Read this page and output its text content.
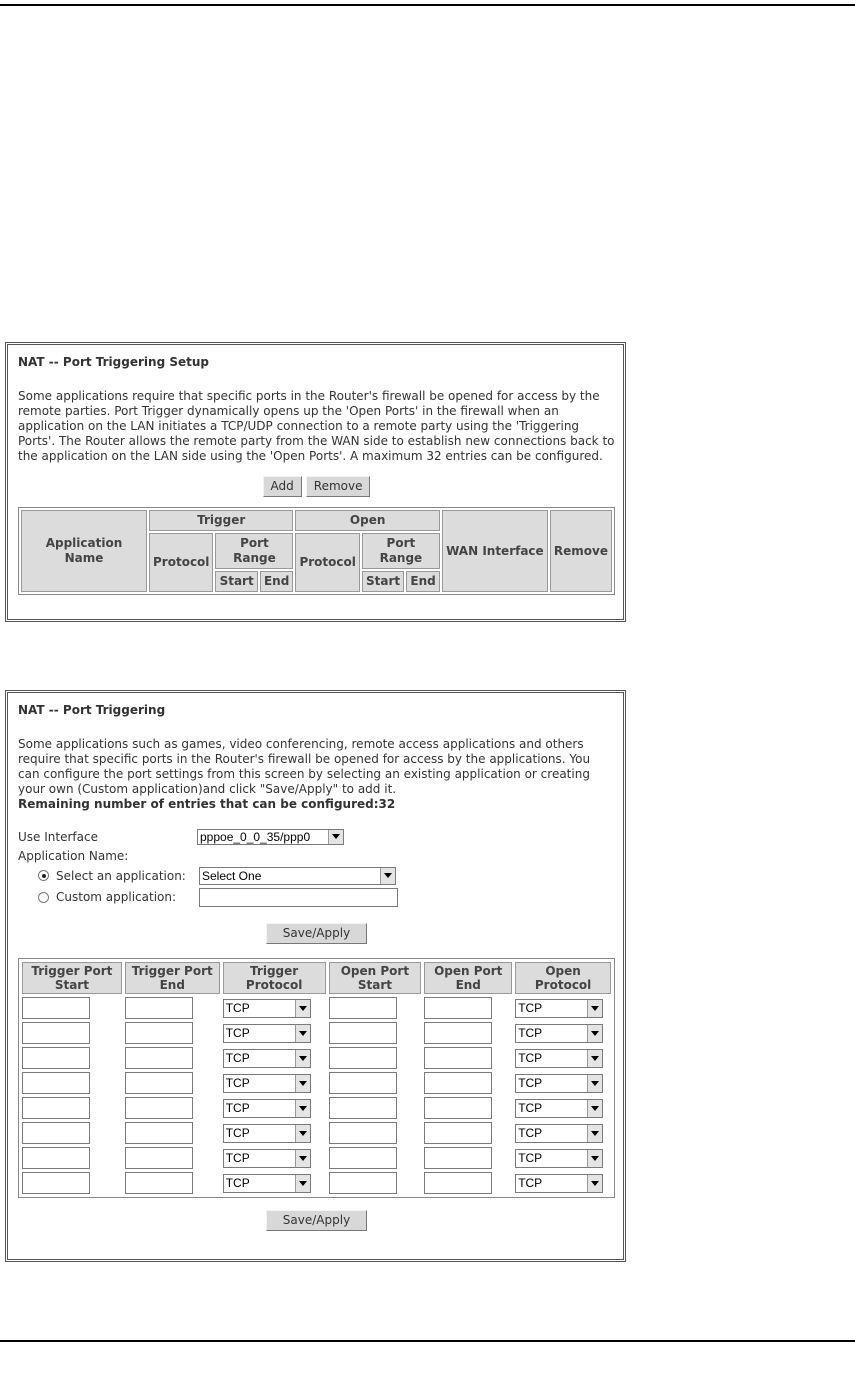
NAT -- Port Triggering Setup
Some applications require that specific ports in the Router's firewall be opened for access by the remote parties. Port Trigger dynamically opens up the 'Open Ports' in the firewall when an application on the LAN initiates a TCP/UDP connection to a remote party using the 'Triggering Ports'. The Router allows the remote party from the WAN side to establish new connections back to the application on the LAN side using the 'Open Ports'. A maximum 32 entries can be configured.
Add Remove
Application Name	Trigger			Open			WAN Interface	Remove
	Protocol	Port Range		Protocol	Port Range			
		Start	End		Start	End		
NAT -- Port Triggering
Some applications such as games, video conferencing, remote access applications and others require that specific ports in the Router's firewall be opened for access by the applications. You can configure the port settings from this screen by selecting an existing application or creating your own (Custom application)and click "Save/Apply" to add it.
Remaining number of entries that can be configured:32
Use Interface	pppoe_0_0_35/ppp0
Application Name:
Select an application:	Select One
Custom application:
Save/Apply
Trigger Port Start	Trigger Port End	Trigger Protocol	Open Port Start	Open Port End	Open Protocol

		TCP			TCP

		TCP			TCP

		TCP			TCP

		TCP			TCP

		TCP			TCP

		TCP			TCP

		TCP			TCP

		TCP			TCP
Save/Apply
